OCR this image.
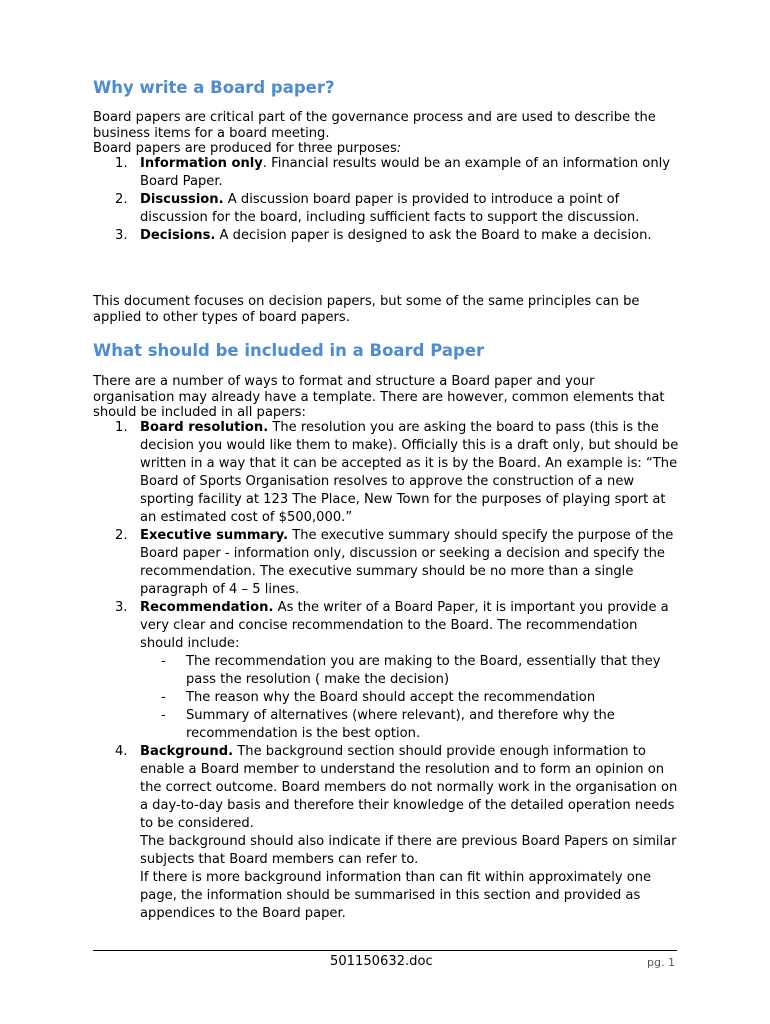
Why write a Board paper?

Board papers are critical part of the governance process and are used to describe the business items for a board meeting.

Board papers are produced for three purposes:

1. Information only. Financial results would be an example of an information only Board Paper.
2. Discussion. A discussion board paper is provided to introduce a point of discussion for the board, including sufficient facts to support the discussion.
3. Decisions. A decision paper is designed to ask the Board to make a decision.

This document focuses on decision papers, but some of the same principles can be applied to other types of board papers.

What should be included in a Board Paper

There are a number of ways to format and structure a Board paper and your organisation may already have a template. There are however, common elements that should be included in all papers:

1. Board resolution. The resolution you are asking the board to pass (this is the decision you would like them to make). Officially this is a draft only, but should be written in a way that it can be accepted as it is by the Board. An example is: “The Board of Sports Organisation resolves to approve the construction of a new sporting facility at 123 The Place, New Town for the purposes of playing sport at an estimated cost of $500,000.”
2. Executive summary. The executive summary should specify the purpose of the Board paper - information only, discussion or seeking a decision and specify the recommendation. The executive summary should be no more than a single paragraph of 4 – 5 lines.
3. Recommendation. As the writer of a Board Paper, it is important you provide a very clear and concise recommendation to the Board. The recommendation should include:
- The recommendation you are making to the Board, essentially that they pass the resolution ( make the decision)
- The reason why the Board should accept the recommendation
- Summary of alternatives (where relevant), and therefore why the recommendation is the best option.
4. Background. The background section should provide enough information to enable a Board member to understand the resolution and to form an opinion on the correct outcome. Board members do not normally work in the organisation on a day-to-day basis and therefore their knowledge of the detailed operation needs to be considered.
The background should also indicate if there are previous Board Papers on similar subjects that Board members can refer to.
If there is more background information than can fit within approximately one page, the information should be summarised in this section and provided as appendices to the Board paper.
501150632.doc	pg. 1
